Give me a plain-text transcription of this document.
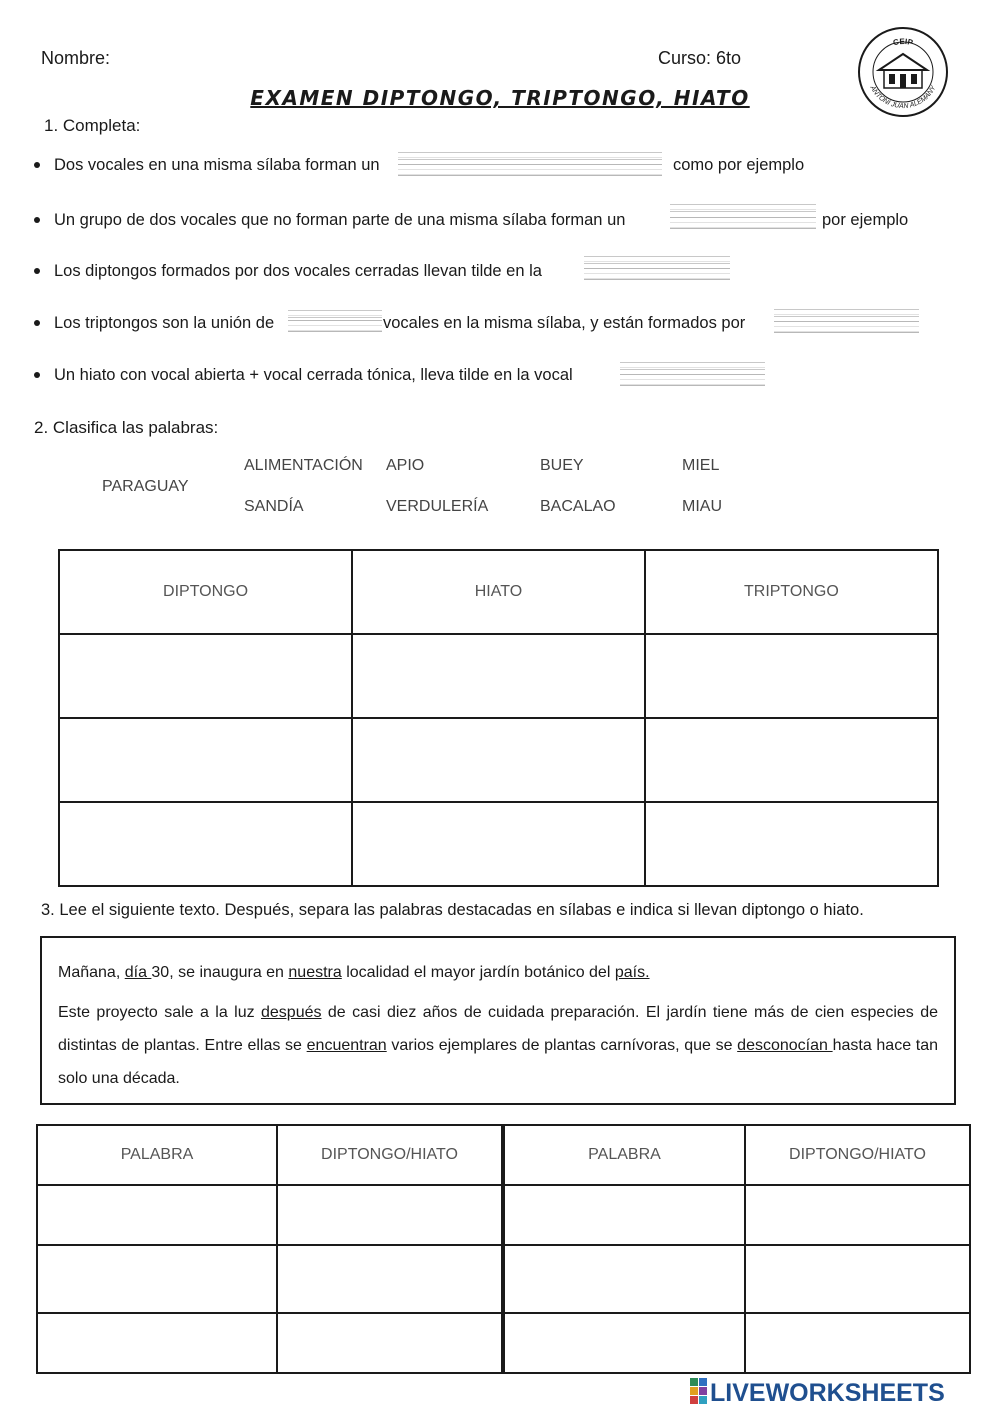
Nombre:	Curso: 6to
CEIP
ANTONI JUAN ALEMANY
EXAMEN DIPTONGO, TRIPTONGO, HIATO
1. Completa:
Dos vocales en una misma sílaba forman un	como por ejemplo
Un grupo de dos vocales que no forman parte de una misma sílaba forman un	por ejemplo
Los diptongos formados por dos vocales cerradas llevan tilde en la
Los triptongos son la unión de	vocales en la misma sílaba, y están formados por
Un hiato con vocal abierta + vocal cerrada tónica, lleva tilde en la vocal
2. Clasifica las palabras:
PARAGUAY
ALIMENTACIÓN APIO	BUEY	MIEL
SANDÍA	VERDULERÍA	BACALAO	MIAU
DIPTONGO	HIATO	TRIPTONGO

3. Lee el siguiente texto. Después, separa las palabras destacadas en sílabas e indica si llevan diptongo o hiato.

Mañana, día 30, se inaugura en nuestra localidad el mayor jardín botánico del país.

Este proyecto sale a la luz después de casi diez años de cuidada preparación. El jardín tiene más de cien especies de distintas de plantas. Entre ellas se encuentran varios ejemplares de plantas carnívoras, que se desconocían hasta hace tan solo una década.

PALABRA	DIPTONGO/HIATO	PALABRA	DIPTONGO/HIATO

LIVEWORKSHEETS
